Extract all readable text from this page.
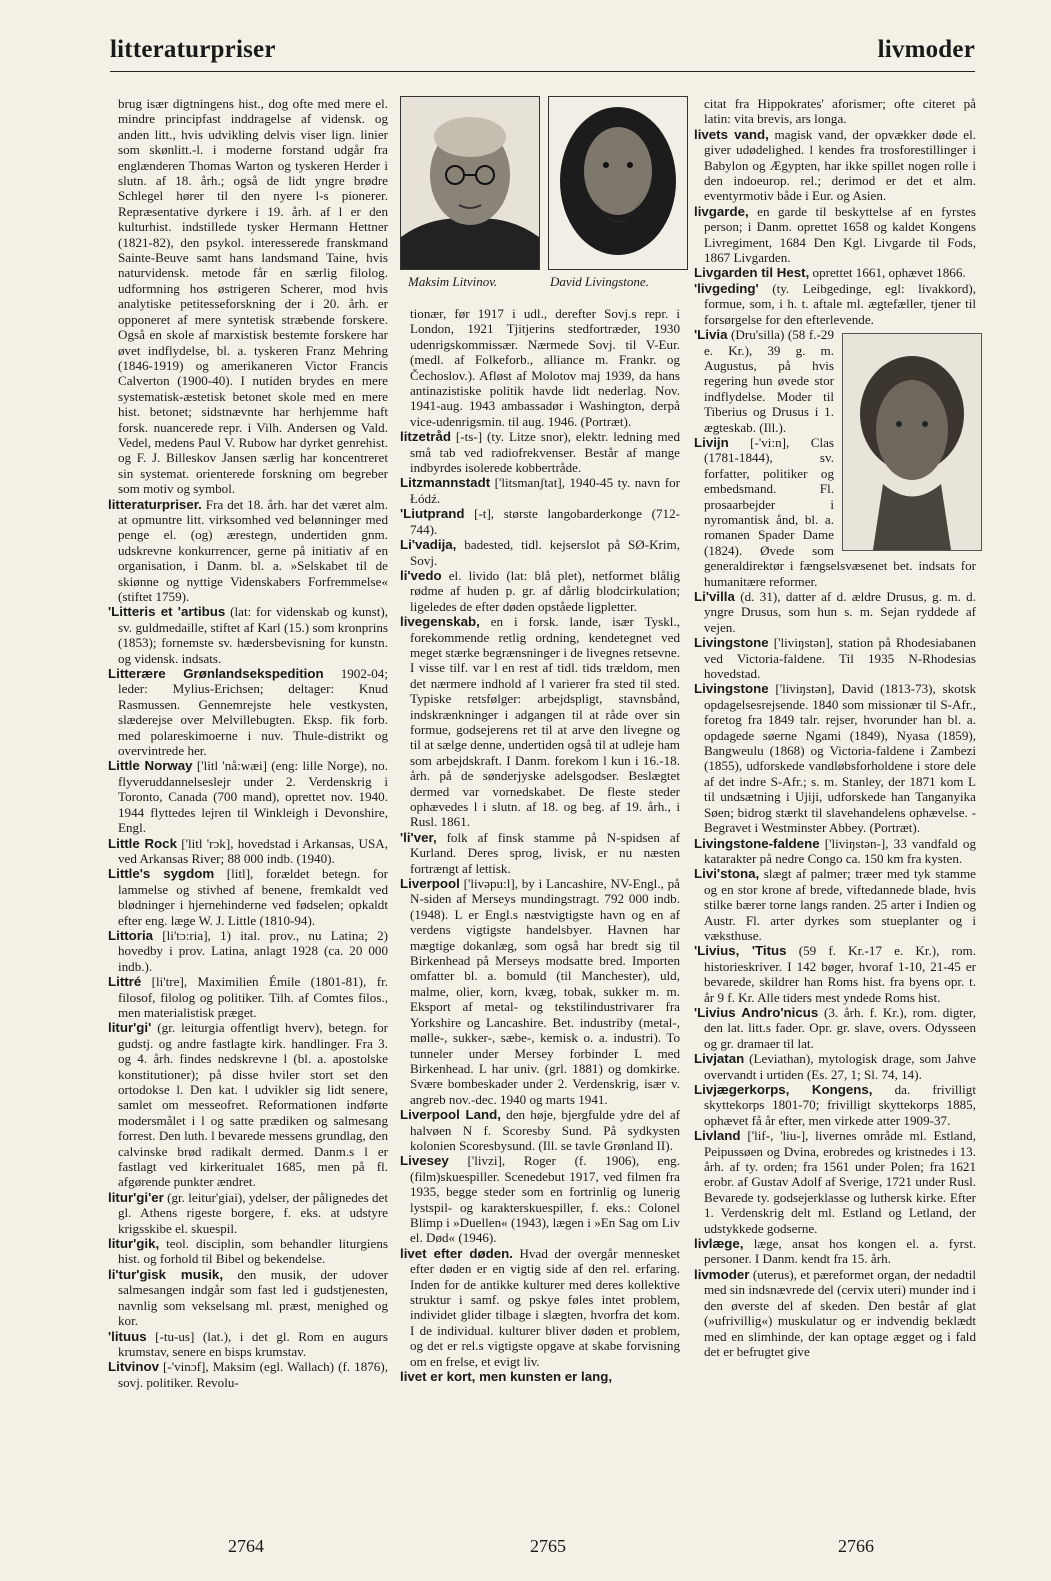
litteraturpriser	livmoder

brug især digtningens hist., dog ofte med mere el. mindre principfast inddragelse af vidensk. og anden litt., hvis udvikling delvis viser lign. linier som skønlitt.-l. i moderne forstand udgår fra englænderen Thomas Warton og tyskeren Herder i slutn. af 18. årh.; også de lidt yngre brødre Schlegel hører til den nyere l-s pionerer. Repræsentative dyrkere i 19. årh. af l er den kulturhist. indstillede tysker Hermann Hettner (1821-82), den psykol. interesserede franskmand Sainte-Beuve samt hans landsmand Taine, hvis naturvidensk. metode får en særlig filolog. udformning hos østrigeren Scherer, mod hvis analytiske petitesseforskning der i 20. årh. er opponeret af mere syntetisk stræbende forskere. Også en skole af marxistisk bestemte forskere har øvet indflydelse, bl. a. tyskeren Franz Mehring (1846-1919) og amerikaneren Victor Francis Calverton (1900-40). I nutiden brydes en mere systematisk-æstetisk betonet skole med en mere hist. betonet; sidstnævnte har herhjemme haft forsk. nuancerede repr. i Vilh. Andersen og Vald. Vedel, medens Paul V. Rubow har dyrket genrehist. og F. J. Billeskov Jansen særlig har koncentreret sin systemat. orienterede forskning om begreber som motiv og symbol.

litteraturpriser. Fra det 18. årh. har det været alm. at opmuntre litt. virksomhed ved belønninger med penge el. (og) ærestegn, undertiden gnm. udskrevne konkurrencer, gerne på initiativ af en organisation, i Danm. bl. a. »Selskabet til de skiønne og nyttige Videnskabers Forfremmelse« (stiftet 1759).

'Litteris et 'artibus (lat: for videnskab og kunst), sv. guldmedaille, stiftet af Karl (15.) som kronprins (1853); fornemste sv. hædersbevisning for kunstn. og vidensk. indsats.

Litterære Grønlandsekspedition 1902-04; leder: Mylius-Erichsen; deltager: Knud Rasmussen. Gennemrejste hele vestkysten, slæderejse over Melvillebugten. Eksp. fik forb. med polareskimoerne i nuv. Thule-distrikt og overvintrede her.

Little Norway ['litl 'nå:wæi] (eng: lille Norge), no. flyveruddannelseslejr under 2. Verdenskrig i Toronto, Canada (700 mand), oprettet nov. 1940. 1944 flyttedes lejren til Winkleigh i Devonshire, Engl.

Little Rock ['litl 'rɔk], hovedstad i Arkansas, USA, ved Arkansas River; 88 000 indb. (1940).

Little's sygdom [litl], forældet betegn. for lammelse og stivhed af benene, fremkaldt ved blødninger i hjernehinderne ved fødselen; opkaldt efter eng. læge W. J. Little (1810-94).

Littoria [li'tɔ:ria], 1) ital. prov., nu Latina; 2) hovedby i prov. Latina, anlagt 1928 (ca. 20 000 indb.).

Littré [li'tre], Maximilien Émile (1801-81), fr. filosof, filolog og politiker. Tilh. af Comtes filos., men materialistisk præget.

litur'gi' (gr. leiturgia offentligt hverv), betegn. for gudstj. og andre fastlagte kirk. handlinger. Fra 3. og 4. årh. findes nedskrevne l (bl. a. apostolske konstitutioner); på disse hviler stort set den ortodokse l. Den kat. l udvikler sig lidt senere, samlet om messeofret. Reformationen indførte modersmålet i l og satte prædiken og salmesang forrest. Den luth. l bevarede messens grundlag, den calvinske brød radikalt dermed. Danm.s l er fastlagt ved kirkeritualet 1685, men på fl. afgørende punkter ændret.

litur'gi'er (gr. leitur'giai), ydelser, der pålignedes det gl. Athens rigeste borgere, f. eks. at udstyre krigsskibe el. skuespil.

litur'gik, teol. disciplin, som behandler liturgiens hist. og forhold til Bibel og bekendelse.

li'tur'gisk musik, den musik, der udover salmesangen indgår som fast led i gudstjenesten, navnlig som vekselsang ml. præst, menighed og kor.

'lituus [-tu-us] (lat.), i det gl. Rom en augurs krumstav, senere en bisps krumstav.

Litvinov [-'vinɔf], Maksim (egl. Wallach) (f. 1876), sovj. politiker. Revolu-

Maksim Litvinov.	David Livingstone.

tionær, før 1917 i udl., derefter Sovj.s repr. i London, 1921 Tjitjerins stedfortræder, 1930 udenrigskommissær. Nærmede Sovj. til V-Eur. (medl. af Folkeforb., alliance m. Frankr. og Čechoslov.). Afløst af Molotov maj 1939, da hans antinazistiske politik havde lidt nederlag. Nov. 1941-aug. 1943 ambassadør i Washington, derpå vice-udenrigsmin. til aug. 1946. (Portræt).

litzetråd [-ts-] (ty. Litze snor), elektr. ledning med små tab ved radiofrekvenser. Består af mange indbyrdes isolerede kobbertråde.

Litzmannstadt ['litsmanʃtat], 1940-45 ty. navn for Łódź.

'Liutprand [-t], største langobarderkonge (712-744).

Li'vadija, badested, tidl. kejserslot på SØ-Krim, Sovj.

li'vedo el. livido (lat: blå plet), netformet blålig rødme af huden p. gr. af dårlig blodcirkulation; ligeledes de efter døden opståede ligpletter.

livegenskab, en i forsk. lande, især Tyskl., forekommende retlig ordning, kendetegnet ved meget stærke begrænsninger i de livegnes retsevne. I visse tilf. var l en rest af tidl. tids trældom, men det nærmere indhold af l varierer fra sted til sted. Typiske retsfølger: arbejdspligt, stavnsbånd, indskrænkninger i adgangen til at råde over sin formue, godsejerens ret til at arve den livegne og til at sælge denne, undertiden også til at udleje ham som arbejdskraft. I Danm. forekom l kun i 16.-18. årh. på de sønderjyske adelsgodser. Beslægtet dermed var vornedskabet. De fleste steder ophævedes l i slutn. af 18. og beg. af 19. årh., i Rusl. 1861.

'li'ver, folk af finsk stamme på N-spidsen af Kurland. Deres sprog, livisk, er nu næsten fortrængt af lettisk.

Liverpool ['livəpu:l], by i Lancashire, NV-Engl., på N-siden af Merseys mundingstragt. 792 000 indb. (1948). L er Engl.s næstvigtigste havn og en af verdens vigtigste handelsbyer. Havnen har mægtige dokanlæg, som også har bredt sig til Birkenhead på Merseys modsatte bred. Importen omfatter bl. a. bomuld (til Manchester), uld, malme, olier, korn, kvæg, tobak, sukker m. m. Eksport af metal- og tekstilindustrivarer fra Yorkshire og Lancashire. Bet. industriby (metal-, mølle-, sukker-, sæbe-, kemisk o. a. industri). To tunneler under Mersey forbinder L med Birkenhead. L har univ. (grl. 1881) og domkirke. Svære bombeskader under 2. Verdenskrig, især v. angreb nov.-dec. 1940 og marts 1941.

Liverpool Land, den høje, bjergfulde ydre del af halvøen N f. Scoresby Sund. På sydkysten kolonien Scoresbysund. (Ill. se tavle Grønland II).

Livesey ['livzi], Roger (f. 1906), eng. (film)skuespiller. Scenedebut 1917, ved filmen fra 1935, begge steder som en fortrinlig og lunerig lystspil- og karakterskuespiller, f. eks.: Colonel Blimp i »Duellen« (1943), lægen i »En Sag om Liv el. Død« (1946).

livet efter døden. Hvad der overgår mennesket efter døden er en vigtig side af den rel. erfaring. Inden for de antikke kulturer med deres kollektive struktur i samf. og pskye føles intet problem, individet glider tilbage i slægten, hvorfra det kom. I de individual. kulturer bliver døden et problem, og det er rel.s vigtigste opgave at skabe forvisning om en frelse, et evigt liv.

livet er kort, men kunsten er lang,

citat fra Hippokrates' aforismer; ofte citeret på latin: vita brevis, ars longa.

livets vand, magisk vand, der opvækker døde el. giver udødelighed. l kendes fra trosforestillinger i Babylon og Ægypten, har ikke spillet nogen rolle i den indoeurop. rel.; derimod er det et alm. eventyrmotiv både i Eur. og Asien.

livgarde, en garde til beskyttelse af en fyrstes person; i Danm. oprettet 1658 og kaldet Kongens Livregiment, 1684 Den Kgl. Livgarde til Fods, 1867 Livgarden.

Livgarden til Hest, oprettet 1661, ophævet 1866.

'livgeding' (ty. Leibgedinge, egl: livakkord), formue, som, i h. t. aftale ml. ægtefæller, tjener til forsørgelse for den efterlevende.

'Livia (Dru'silla) (58 f.-29 e. Kr.), 39 g. m. Augustus, på hvis regering hun øvede stor indflydelse. Moder til Tiberius og Drusus i 1. ægteskab. (Ill.).

Livijn [-'vi:n], Clas (1781-1844), sv. forfatter, politiker og embedsmand. Fl. prosaarbejder i nyromantisk ånd, bl. a. romanen Spader Dame (1824). Øvede som generaldirektør i fængselsvæsenet bet. indsats for humanitære reformer.

Li'villa (d. 31), datter af d. ældre Drusus, g. m. d. yngre Drusus, som hun s. m. Sejan ryddede af vejen.

Livingstone ['liviŋstən], station på Rhodesiabanen ved Victoria-faldene. Til 1935 N-Rhodesias hovedstad.

Livingstone ['liviŋstən], David (1813-73), skotsk opdagelsesrejsende. 1840 som missionær til S-Afr., foretog fra 1849 talr. rejser, hvorunder han bl. a. opdagede søerne Ngami (1849), Nyasa (1859), Bangweulu (1868) og Victoria-faldene i Zambezi (1855), udforskede vandløbsforholdene i store dele af det indre S-Afr.; s. m. Stanley, der 1871 kom L til undsætning i Ujiji, udforskede han Tanganyika Søen; bidrog stærkt til slavehandelens ophævelse. - Begravet i Westminster Abbey. (Portræt).

Livingstone-faldene ['liviŋstən-], 33 vandfald og katarakter på nedre Congo ca. 150 km fra kysten.

Livi'stona, slægt af palmer; træer med tyk stamme og en stor krone af brede, viftedannede blade, hvis stilke bærer torne langs randen. 25 arter i Indien og Austr. Fl. arter dyrkes som stueplanter og i væksthuse.

'Livius, 'Titus (59 f. Kr.-17 e. Kr.), rom. historieskriver. I 142 bøger, hvoraf 1-10, 21-45 er bevarede, skildrer han Roms hist. fra byens opr. t. år 9 f. Kr. Alle tiders mest yndede Roms hist.

'Livius Andro'nicus (3. årh. f. Kr.), rom. digter, den lat. litt.s fader. Opr. gr. slave, overs. Odysseen og gr. dramaer til lat.

Livjatan (Leviathan), mytologisk drage, som Jahve overvandt i urtiden (Es. 27, 1; Sl. 74, 14).

Livjægerkorps, Kongens, da. frivilligt skyttekorps 1801-70; frivilligt skyttekorps 1885, ophævet få år efter, men virkede atter 1909-37.

Livland ['lif-, 'liu-], livernes område ml. Estland, Peipussøen og Dvina, erobredes og kristnedes i 13. årh. af ty. orden; fra 1561 under Polen; fra 1621 erobr. af Gustav Adolf af Sverige, 1721 under Rusl. Bevarede ty. godsejerklasse og luthersk kirke. Efter 1. Verdenskrig delt ml. Estland og Letland, der udstykkede godserne.

livlæge, læge, ansat hos kongen el. a. fyrst. personer. I Danm. kendt fra 15. årh.

livmoder (uterus), et pæreformet organ, der nedadtil med sin indsnævrede del (cervix uteri) munder ind i den øverste del af skeden. Den består af glat (»ufrivillig«) muskulatur og er indvendig beklædt med en slimhinde, der kan optage ægget og i fald det er befrugtet give

2764	2765	2766
